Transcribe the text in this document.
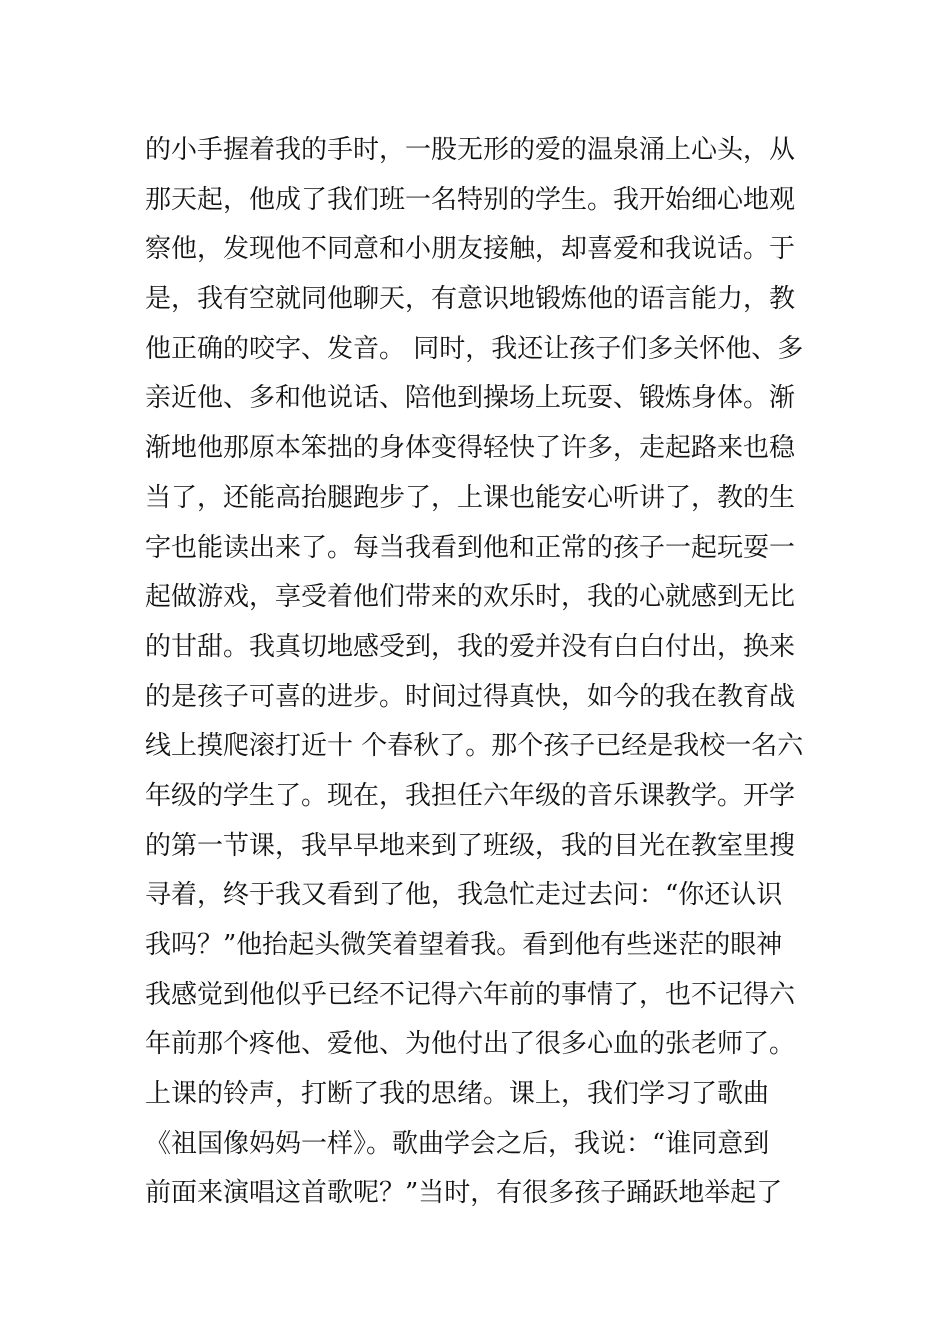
的小手握着我的手时，一股无形的爱的温泉涌上心头，从
那天起，他成了我们班一名特别的学生。我开始细心地观
察他，发现他不同意和小朋友接触，却喜爱和我说话。于
是，我有空就同他聊天，有意识地锻炼他的语言能力，教
他正确的咬字、发音。 同时，我还让孩子们多关怀他、多
亲近他、多和他说话、陪他到操场上玩耍、锻炼身体。渐
渐地他那原本笨拙的身体变得轻快了许多，走起路来也稳
当了，还能高抬腿跑步了，上课也能安心听讲了，教的生
字也能读出来了。每当我看到他和正常的孩子一起玩耍一
起做游戏，享受着他们带来的欢乐时，我的心就感到无比
的甘甜。我真切地感受到，我的爱并没有白白付出，换来
的是孩子可喜的进步。时间过得真快，如今的我在教育战
线上摸爬滚打近十 个春秋了。那个孩子已经是我校一名六
年级的学生了。现在，我担任六年级的音乐课教学。开学
的第一节课，我早早地来到了班级，我的目光在教室里搜
寻着，终于我又看到了他，我急忙走过去问：“你还认识
我吗？”他抬起头微笑着望着我。看到他有些迷茫的眼神
我感觉到他似乎已经不记得六年前的事情了，也不记得六
年前那个疼他、爱他、为他付出了很多心血的张老师了。
上课的铃声，打断了我的思绪。课上，我们学习了歌曲
《祖国像妈妈一样》。歌曲学会之后，我说：“谁同意到
前面来演唱这首歌呢？”当时，有很多孩子踊跃地举起了
